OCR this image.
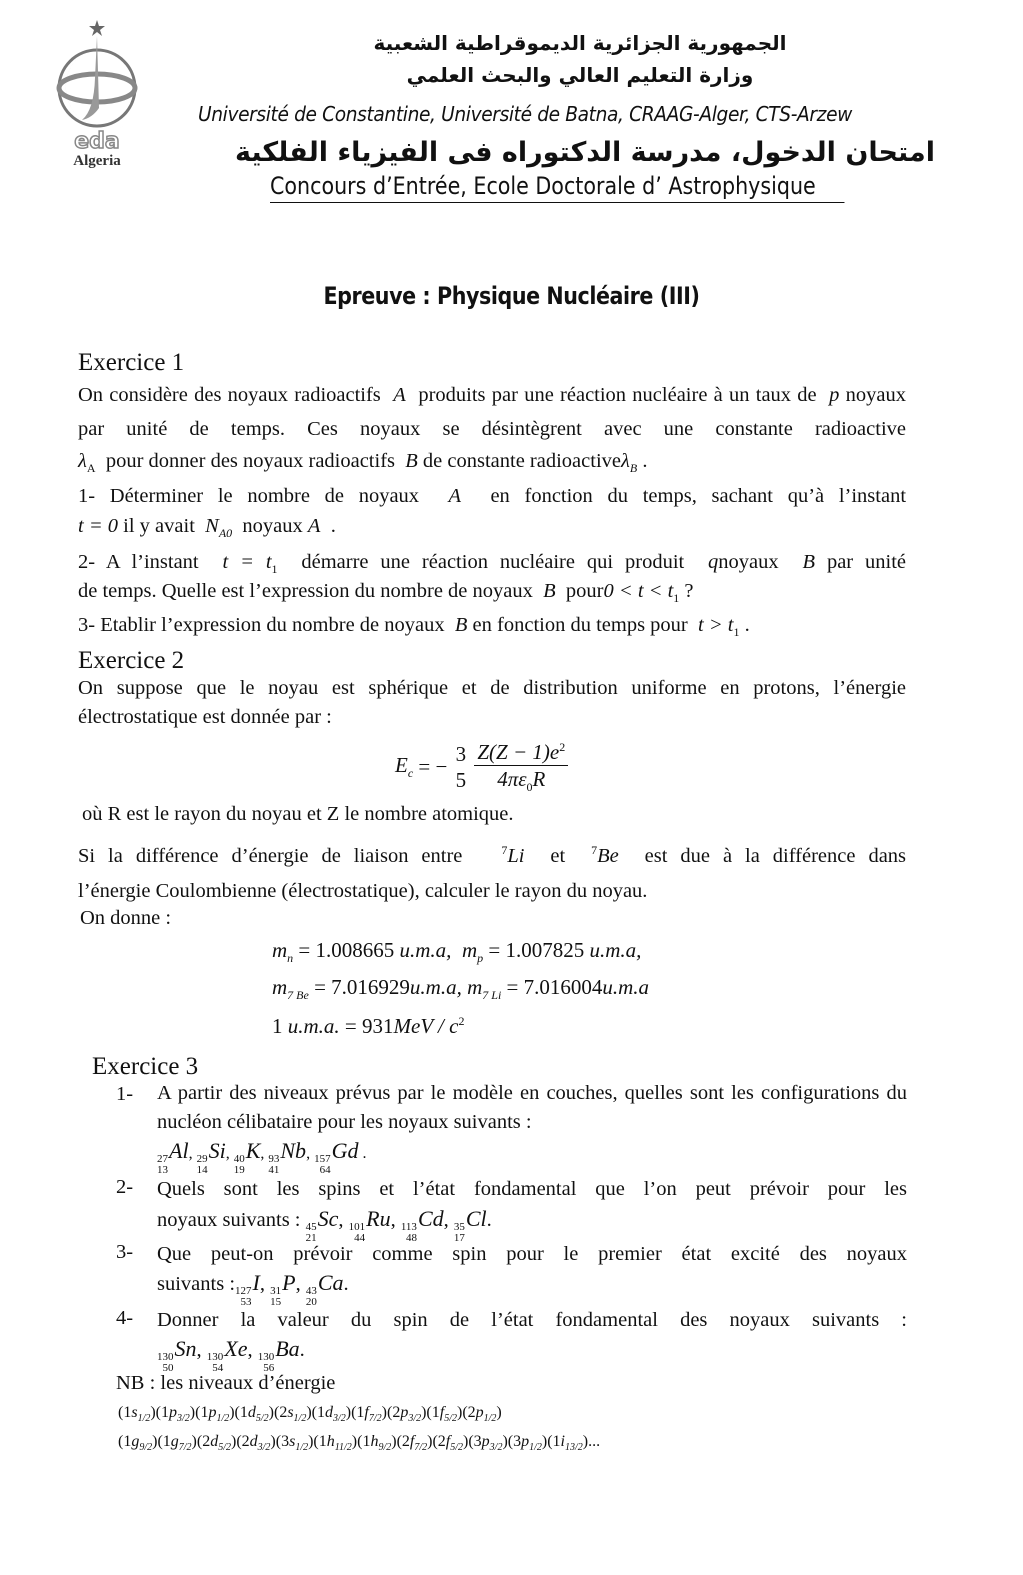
eda
Algeria
الجمهورية الجزائرية الديموقراطية الشعبية
وزارة التعليم العالي والبحث العلمي
Université de Constantine, Université de Batna, CRAAG-Alger, CTS-Arzew
امتحان الدخول، مدرسة الدكتوراه فى الفيزياء الفلكية
Concours d’Entrée, Ecole Doctorale d’ Astrophysique
Epreuve : Physique Nucléaire (III)
Exercice 1
On considère des noyaux radioactifs A produits par une réaction nucléaire à un taux de p noyaux par unité de temps. Ces noyaux se désintègrent avec une constante radioactive
$\lambda_A$ pour donner des noyaux radioactifs B de constante radioactiveλ$_B$ .
1- Déterminer le nombre de noyaux A en fonction du temps, sachant qu’à l’instant
t = 0 il y avait $N_{A0}$ noyaux A .
2- A l’instant $t = t_1$ démarre une réaction nucléaire qui produit qnoyaux B par unité
de temps. Quelle est l’expression du nombre de noyaux B pour0 < $t < t_1$ ?
3- Etablir l’expression du nombre de noyaux B en fonction du temps pour $t > t_1$ .
Exercice 2
On suppose que le noyau est sphérique et de distribution uniforme en protons, l’énergie électrostatique est donnée par :
$E_c$ = −
3
5
$\frac{Z(Z - 1)e^2}{4\pi\varepsilon_0R}$
où R est le rayon du noyau et Z le nombre atomique.
Si la différence d’énergie de liaison entre	$^7$Li et $^7$Be est due à la différence dans
l’énergie Coulombienne (électrostatique), calculer le rayon du noyau.
On donne :
$m_n = 1.008665$ u.m.a, $m_p = 1.007825$ u.m.a,
$m_{7 Be} = 7.016929u.m.a$, $m_{7 Li} = 7.016004u.m.a$
1 u.m.a. = $931MeV / c^2$
Exercice 3
1- A partir des niveaux prévus par le modèle en couches, quelles sont les configurations du nucléon célibataire pour les noyaux suivants :
27
13
Al , 29
14
Si , 40
19
K , 93
41
Nb , 157
64
Gd .
2- Quels sont les spins et l’état fondamental que l’on peut prévoir pour les
noyaux suivants : 45
21
Sc , 101
44
Ru , 113
48
Cd , 35
17
Cl .
3- Que peut-on prévoir comme spin pour le premier état excité des noyaux
suivants : 127
53
I , 31
15
P , 43
20
Ca .
4- Donner la valeur du spin de l’état fondamental des noyaux suivants :
130
50
Sn , 130
54
Xe , 130
56
Ba .
NB : les niveaux d’énergie
$(1s_{1/2})(1p_{3/2})(1p_{1/2})(1d_{5/2})(2s_{1/2})(1d_{3/2})(1f_{7/2})(2p_{3/2})(1f_{5/2})(2p_{1/2})$
$(1g_{9/2})(1g_{7/2})(2d_{5/2})(2d_{3/2})(3s_{1/2})(1h_{11/2})(1h_{9/2})(2f_{7/2})(2f_{5/2})(3p_{3/2})(3p_{1/2})(1i_{13/2})$...
